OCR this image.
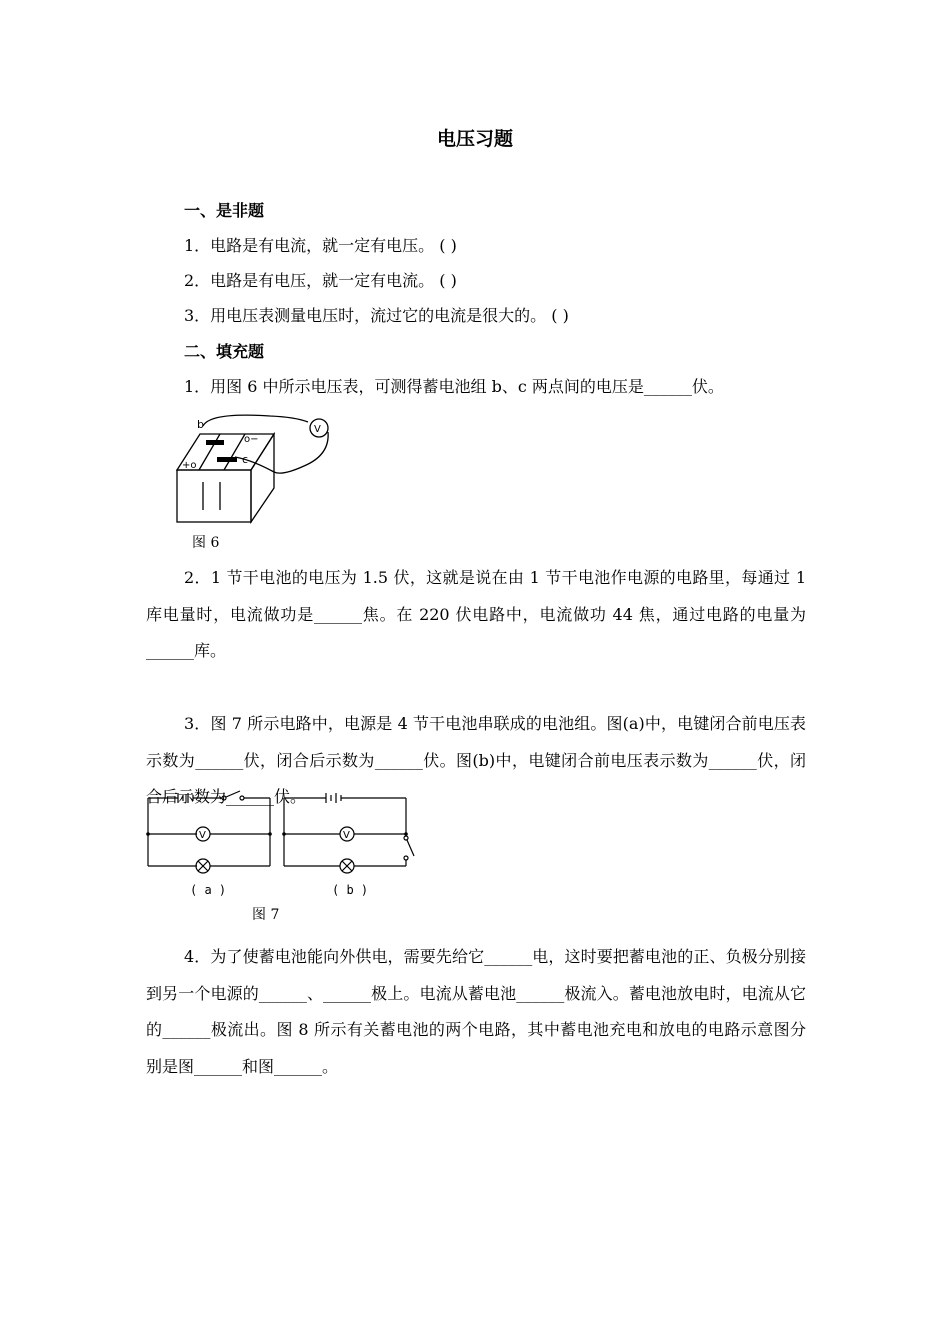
电压习题
一、是非题
1．电路是有电流，就一定有电压。 ( )
2．电路是有电压，就一定有电流。 ( )
3．用电压表测量电压时，流过它的电流是很大的。 ( )
二、填充题
1．用图 6 中所示电压表，可测得蓄电池组 b、c 两点间的电压是______伏。
b
c
+o
o−
V
图 6
2．1 节干电池的电压为 1.5 伏，这就是说在由 1 节干电池作电源的电路里，每通过 1 库电量时，电流做功是______焦。在 220 伏电路中，电流做功 44 焦，通过电路的电量为______库。
3．图 7 所示电路中，电源是 4 节干电池串联成的电池组。图(a)中，电键闭合前电压表示数为______伏，闭合后示数为______伏。图(b)中，电键闭合前电压表示数为______伏，闭合后示数为______伏。
V	V
( a )	( b )
图 7
4．为了使蓄电池能向外供电，需要先给它______电，这时要把蓄电池的正、负极分别接到另一个电源的______、______极上。电流从蓄电池______极流入。蓄电池放电时，电流从它的______极流出。图 8 所示有关蓄电池的两个电路，其中蓄电池充电和放电的电路示意图分别是图______和图______。
